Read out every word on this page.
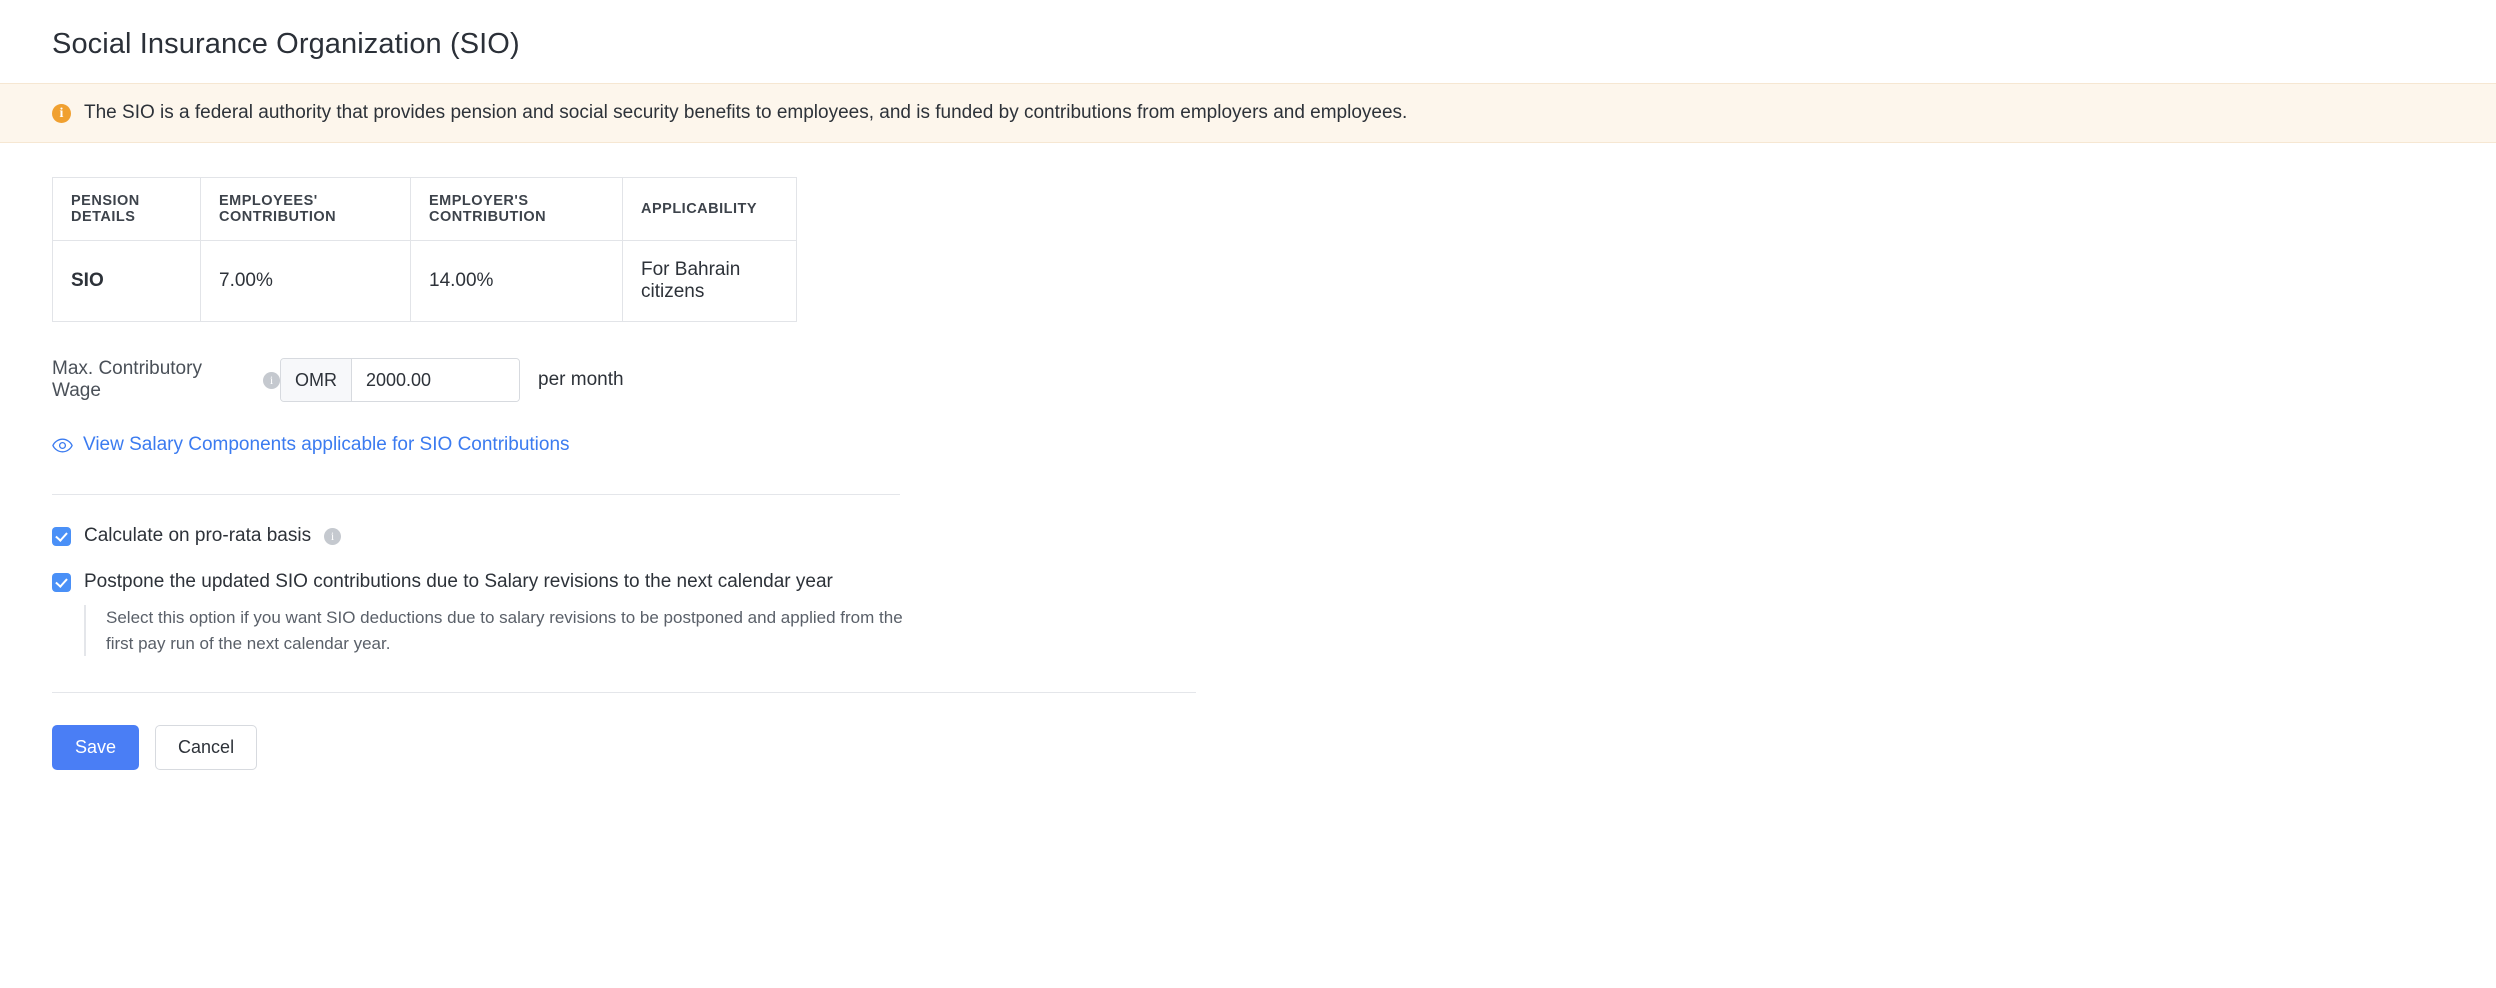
Social Insurance Organization (SIO)
i	The SIO is a federal authority that provides pension and social security benefits to employees, and is funded by contributions from employers and employees.
PENSION DETAILS	EMPLOYEES' CONTRIBUTION	EMPLOYER'S CONTRIBUTION	APPLICABILITY
SIO	7.00%	14.00%	For Bahrain citizens
Max. Contributory Wage
i	OMR
2000.00	per month
View Salary Components applicable for SIO Contributions
Calculate on pro-rata basis	i
Postpone the updated SIO contributions due to Salary revisions to the next calendar year
Select this option if you want SIO deductions due to salary revisions to be postponed and applied from the first pay run of the next calendar year.
Save	Cancel
